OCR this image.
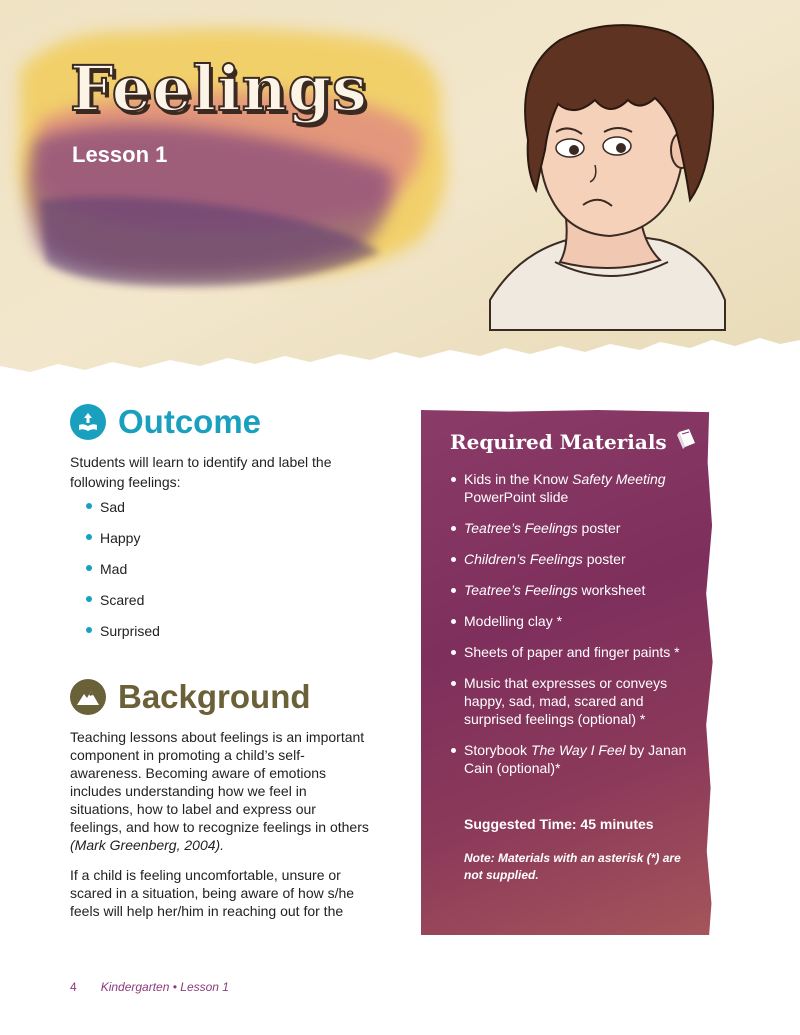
Feelings
Lesson 1
Outcome
Students will learn to identify and label the
following feelings:
Sad
Happy
Mad
Scared
Surprised
Background
Teaching lessons about feelings is an important component in promoting a child’s self-awareness. Becoming aware of emotions includes understanding how we feel in situations, how to label and express our feelings, and how to recognize feelings in others (Mark Greenberg, 2004).
If a child is feeling uncomfortable, unsure or scared in a situation, being aware of how s/he feels will help her/him in reaching out for the
Required Materials
Kids in the Know Safety Meeting PowerPoint slide
Teatree’s Feelings poster
Children’s Feelings poster
Teatree’s Feelings worksheet
Modelling clay *
Sheets of paper and finger paints *
Music that expresses or conveys happy, sad, mad, scared and surprised feelings (optional) *
Storybook The Way I Feel by Janan Cain (optional)*
Suggested Time: 45 minutes
Note: Materials with an asterisk (*) are not supplied.
4 Kindergarten • Lesson 1
